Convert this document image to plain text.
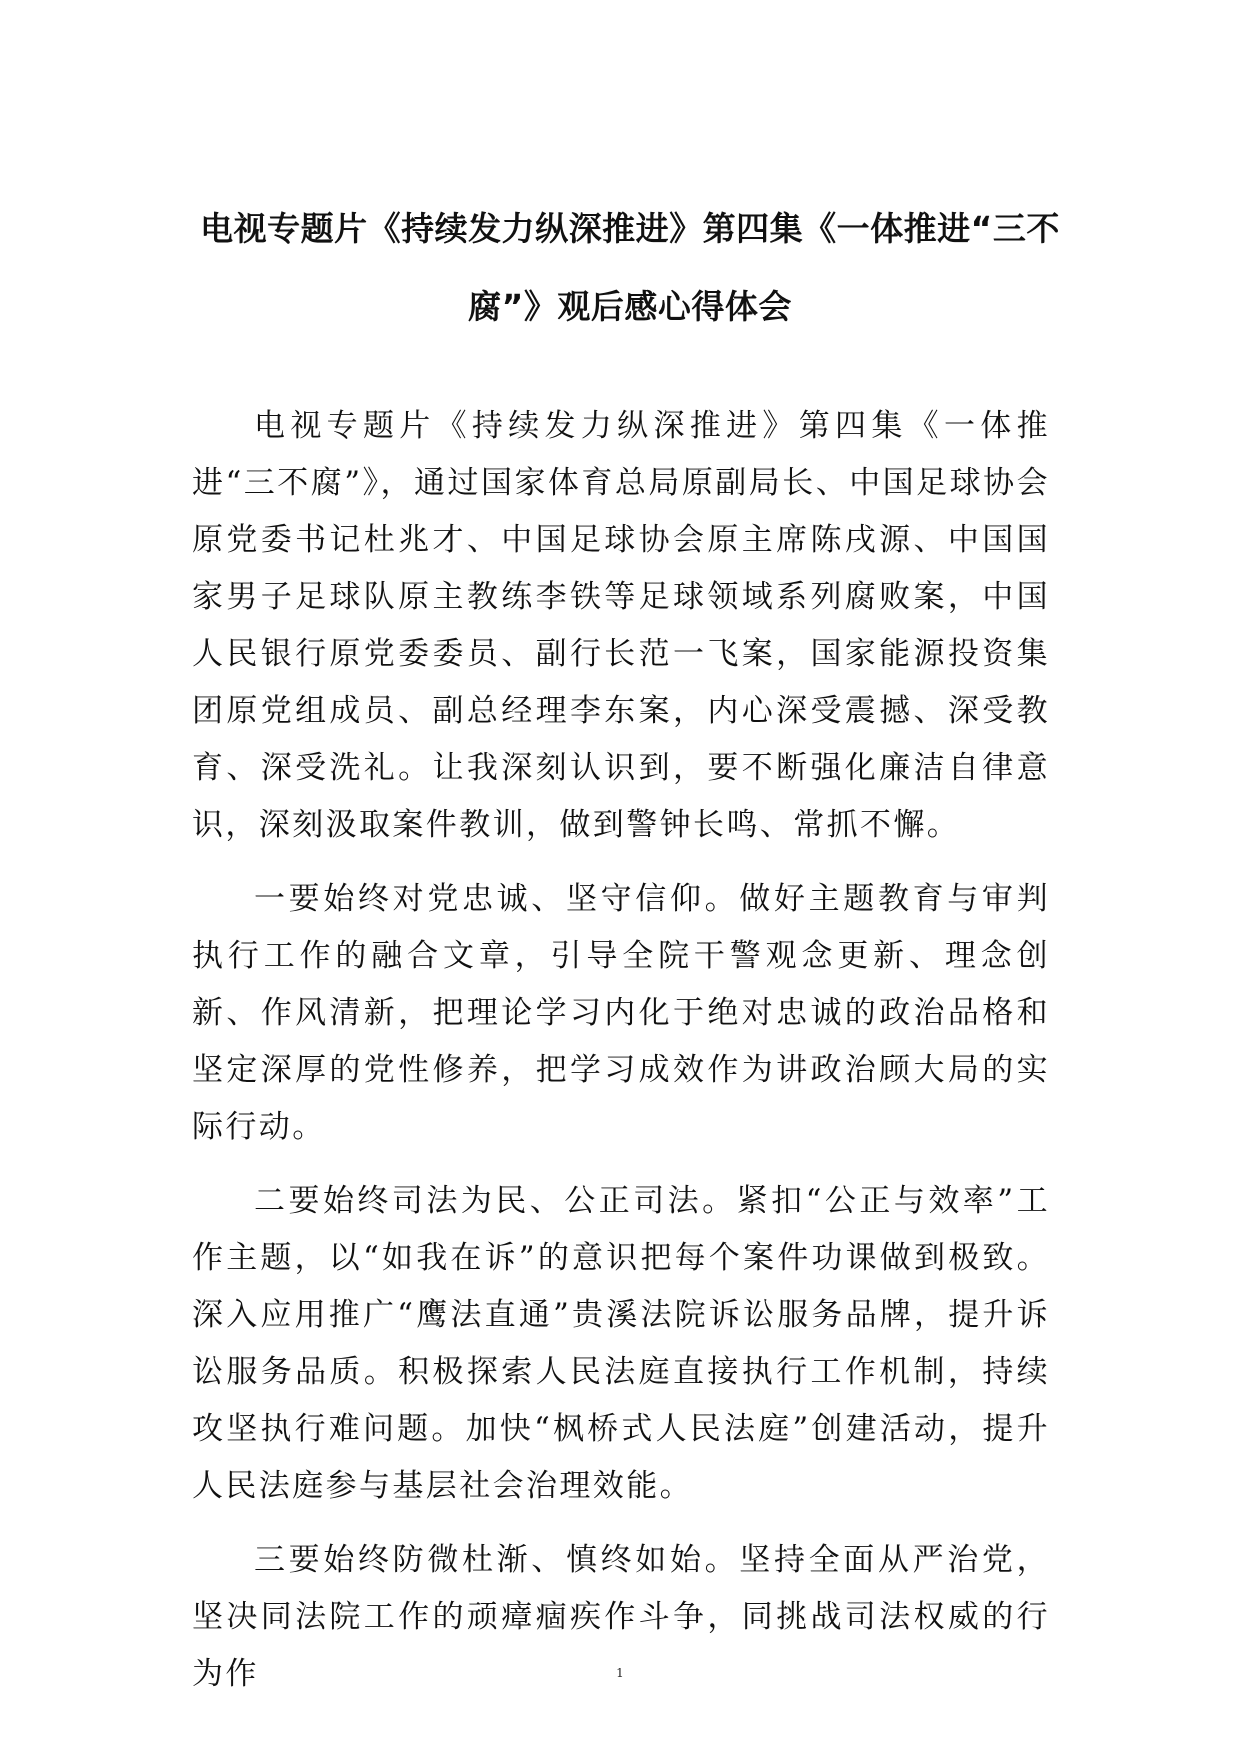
电视专题片《持续发力纵深推进》第四集《一体推进“三不腐”》观后感心得体会

电视专题片《持续发力纵深推进》第四集《一体推进“三不腐”》，通过国家体育总局原副局长、中国足球协会原党委书记杜兆才、中国足球协会原主席陈戌源、中国国家男子足球队原主教练李铁等足球领域系列腐败案，中国人民银行原党委委员、副行长范一飞案，国家能源投资集团原党组成员、副总经理李东案，内心深受震撼、深受教育、深受洗礼。让我深刻认识到，要不断强化廉洁自律意识，深刻汲取案件教训，做到警钟长鸣、常抓不懈。

一要始终对党忠诚、坚守信仰。做好主题教育与审判执行工作的融合文章，引导全院干警观念更新、理念创新、作风清新，把理论学习内化于绝对忠诚的政治品格和坚定深厚的党性修养，把学习成效作为讲政治顾大局的实际行动。

二要始终司法为民、公正司法。紧扣“公正与效率”工作主题，以“如我在诉”的意识把每个案件功课做到极致。深入应用推广“鹰法直通”贵溪法院诉讼服务品牌，提升诉讼服务品质。积极探索人民法庭直接执行工作机制，持续攻坚执行难问题。加快“枫桥式人民法庭”创建活动，提升人民法庭参与基层社会治理效能。

三要始终防微杜渐、慎终如始。坚持全面从严治党，坚决同法院工作的顽瘴痼疾作斗争，同挑战司法权威的行为作	1
